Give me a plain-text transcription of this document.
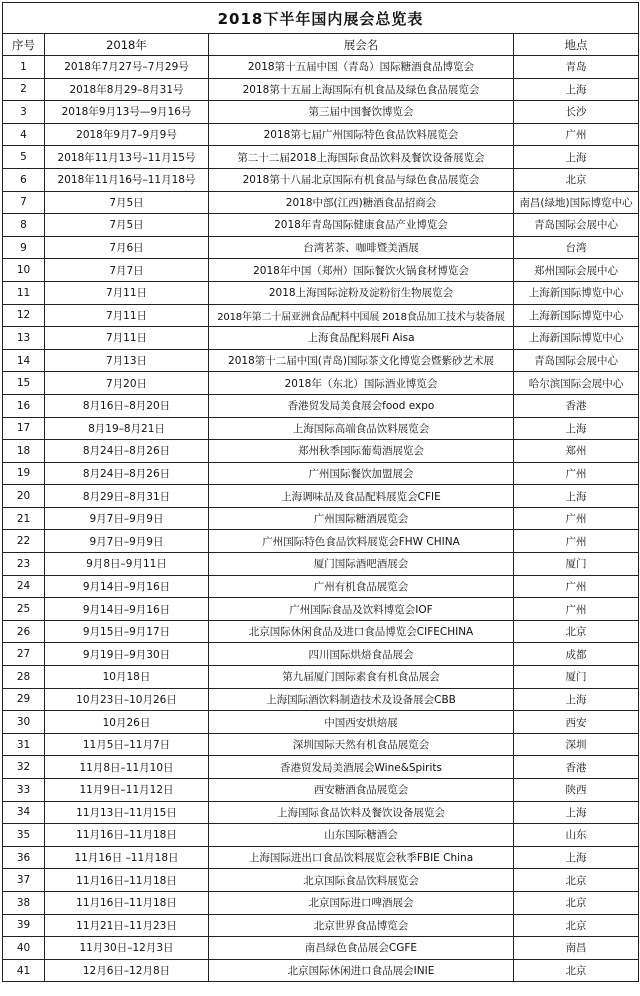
2018下半年国内展会总览表			
序号	2018年	展会名	地点
1	2018年7月27号–7月29号	2018第十五届中国（青岛）国际糖酒食品博览会	青岛
2	2018年8月29–8月31号	2018第十五届上海国际有机食品及绿色食品展览会	上海
3	2018年9月13号—9月16号	第三届中国餐饮博览会	长沙
4	2018年9月7–9月9号	2018第七届广州国际特色食品饮料展览会	广州
5	2018年11月13号–11月15号	第二十二届2018上海国际食品饮料及餐饮设备展览会	上海
6	2018年11月16号–11月18号	2018第十八届北京国际有机食品与绿色食品展览会	北京
7	7月5日	2018中部(江西)糖酒食品招商会	南昌(绿地)国际博览中心
8	7月5日	2018年青岛国际健康食品产业博览会	青岛国际会展中心
9	7月6日	台湾茗茶、咖啡暨美酒展	台湾
10	7月7日	2018年中国（郑州）国际餐饮火锅食材博览会	郑州国际会展中心
11	7月11日	2018上海国际淀粉及淀粉衍生物展览会	上海新国际博览中心
12	7月11日	2018年第二十届亚洲食品配料中国展 2018食品加工技术与装备展	上海新国际博览中心
13	7月11日	上海食品配料展Fi Aisa	上海新国际博览中心
14	7月13日	2018第十二届中国(青岛)国际茶文化博览会暨紫砂艺术展	青岛国际会展中心
15	7月20日	2018年（东北）国际酒业博览会	哈尔滨国际会展中心
16	8月16日–8月20日	香港贸发局美食展会food expo	香港
17	8月19–8月21日	上海国际高端食品饮料展览会	上海
18	8月24日–8月26日	郑州秋季国际葡萄酒展览会	郑州
19	8月24日–8月26日	广州国际餐饮加盟展会	广州
20	8月29日–8月31日	上海调味品及食品配料展览会CFIE	上海
21	9月7日–9月9日	广州国际糖酒展览会	广州
22	9月7日–9月9日	广州国际特色食品饮料展览会FHW CHINA	广州
23	9月8日–9月11日	厦门国际酒吧酒展会	厦门
24	9月14日–9月16日	广州有机食品展览会	广州
25	9月14日–9月16日	广州国际食品及饮料博览会IOF	广州
26	9月15日–9月17日	北京国际休闲食品及进口食品博览会CIFECHINA	北京
27	9月19日–9月30日	四川国际烘焙食品展会	成都
28	10月18日	第九届厦门国际素食有机食品展会	厦门
29	10月23日–10月26日	上海国际酒饮料制造技术及设备展会CBB	上海
30	10月26日	中国西安烘焙展	西安
31	11月5日–11月7日	深圳国际天然有机食品展览会	深圳
32	11月8日–11月10日	香港贸发局美酒展会Wine&Spirits	香港
33	11月9日–11月12日	西安糖酒食品展览会	陕西
34	11月13日–11月15日	上海国际食品饮料及餐饮设备展览会	上海
35	11月16日–11月18日	山东国际糖酒会	山东
36	11月16日 –11月18日	上海国际进出口食品饮料展览会秋季FBIE China	上海
37	11月16日–11月18日	北京国际食品饮料展览会	北京
38	11月16日–11月18日	北京国际进口啤酒展会	北京
39	11月21日–11月23日	北京世界食品博览会	北京
40	11月30日–12月3日	南昌绿色食品展会CGFE	南昌
41	12月6日–12月8日	北京国际休闲进口食品展会INIE	北京
